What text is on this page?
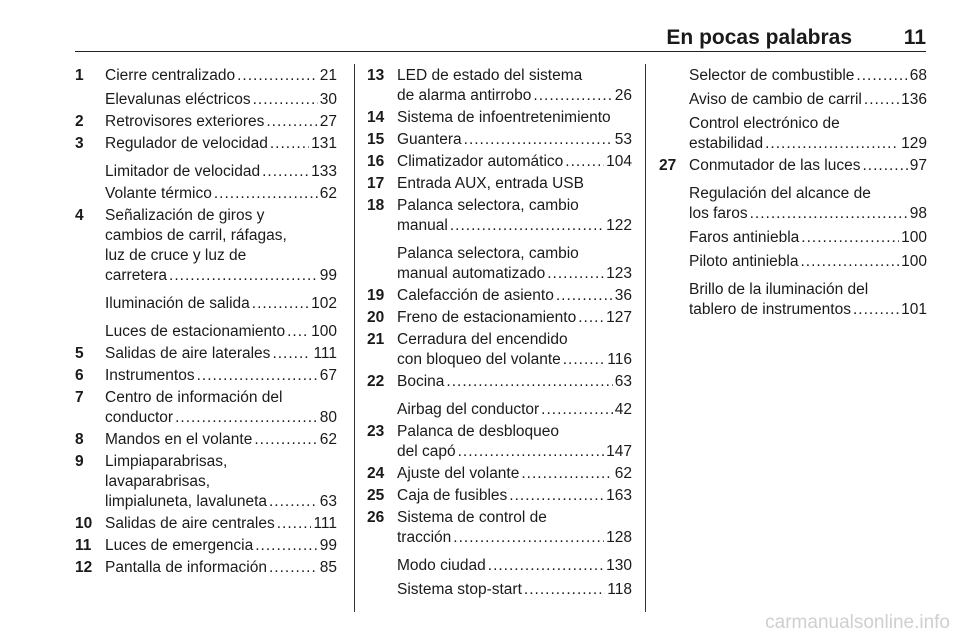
En pocas palabras 11
1 Cierre centralizado .....	21
Elevalunas eléctricos .....	30
2 Retrovisores exteriores .....	27
3 Regulador de velocidad .....	131
Limitador de velocidad .....	133
Volante térmico .....	62
4 Señalización de giros y
cambios de carril, ráfagas,
luz de cruce y luz de
carretera .....	99
Iluminación de salida .....	102
Luces de estacionamiento ..... 100
5 Salidas de aire laterales .....	111
6 Instrumentos .....	67
7 Centro de información del
conductor .....	80
8 Mandos en el volante .....	62
9 Limpiaparabrisas,
lavaparabrisas,
limpialuneta, lavaluneta .....	63
10 Salidas de aire centrales ..... 111
11 Luces de emergencia .....	99
12 Pantalla de información .....	85
13 LED de estado del sistema
de alarma antirrobo .....	26
14 Sistema de infoentretenimiento
15 Guantera .....	53
16 Climatizador automático .....	104
17 Entrada AUX, entrada USB
18 Palanca selectora, cambio
manual .....	122
Palanca selectora, cambio
manual automatizado .....	123
19 Calefacción de asiento .....	36
20 Freno de estacionamiento ..... 127
21 Cerradura del encendido
con bloqueo del volante .....	116
22 Bocina .....	63
Airbag del conductor .....	42
23 Palanca de desbloqueo
del capó .....	147
24 Ajuste del volante .....	62
25 Caja de fusibles .....	163
26 Sistema de control de
tracción .....	128
Modo ciudad .....	130
Sistema stop-start .....	118
Selector de combustible .....	68
Aviso de cambio de carril .....	136
Control electrónico de
estabilidad .....	129
27 Conmutador de las luces .....	97
Regulación del alcance de
los faros .....	98
Faros antiniebla .....	100
Piloto antiniebla .....	100
Brillo de la iluminación del
tablero de instrumentos .....	101
carmanualsonline.info
